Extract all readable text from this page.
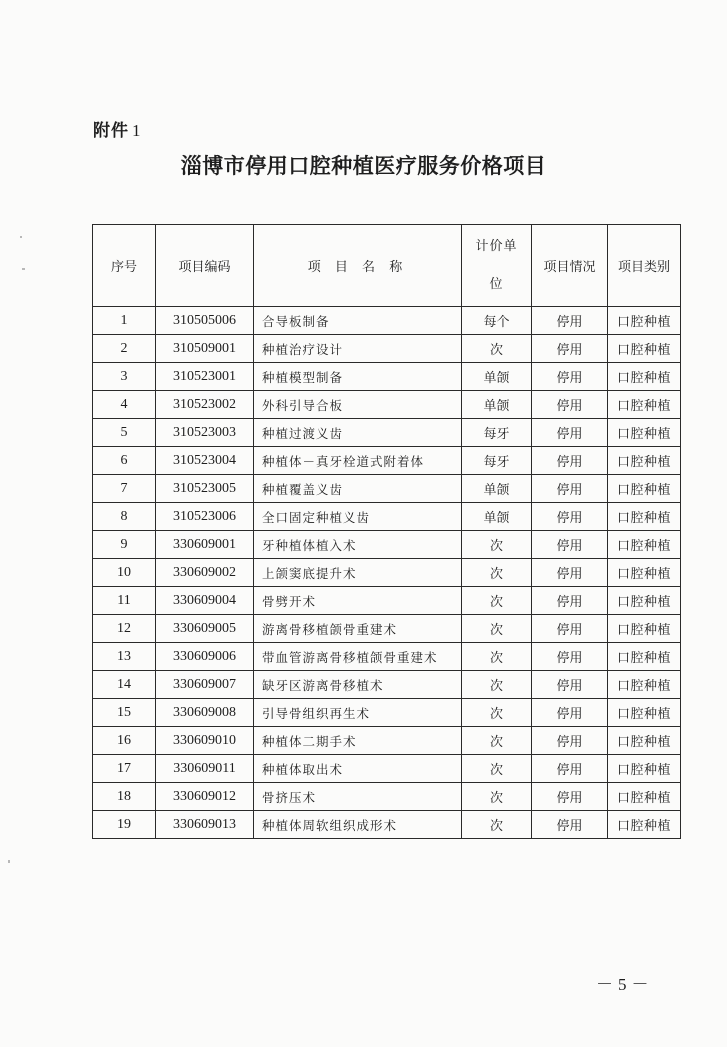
附件 1
淄博市停用口腔种植医疗服务价格项目
序号	项目编码	项 目 名 称	计价单位	项目情况	项目类别
1	310505006	合导板制备	每个	停用	口腔种植
2	310509001	种植治疗设计	次	停用	口腔种植
3	310523001	种植模型制备	单颌	停用	口腔种植
4	310523002	外科引导合板	单颌	停用	口腔种植
5	310523003	种植过渡义齿	每牙	停用	口腔种植
6	310523004	种植体－真牙栓道式附着体	每牙	停用	口腔种植
7	310523005	种植覆盖义齿	单颌	停用	口腔种植
8	310523006	全口固定种植义齿	单颌	停用	口腔种植
9	330609001	牙种植体植入术	次	停用	口腔种植
10	330609002	上颌窦底提升术	次	停用	口腔种植
11	330609004	骨劈开术	次	停用	口腔种植
12	330609005	游离骨移植颌骨重建术	次	停用	口腔种植
13	330609006	带血管游离骨移植颌骨重建术	次	停用	口腔种植
14	330609007	缺牙区游离骨移植术	次	停用	口腔种植
15	330609008	引导骨组织再生术	次	停用	口腔种植
16	330609010	种植体二期手术	次	停用	口腔种植
17	330609011	种植体取出术	次	停用	口腔种植
18	330609012	骨挤压术	次	停用	口腔种植
19	330609013	种植体周软组织成形术	次	停用	口腔种植
－5－
